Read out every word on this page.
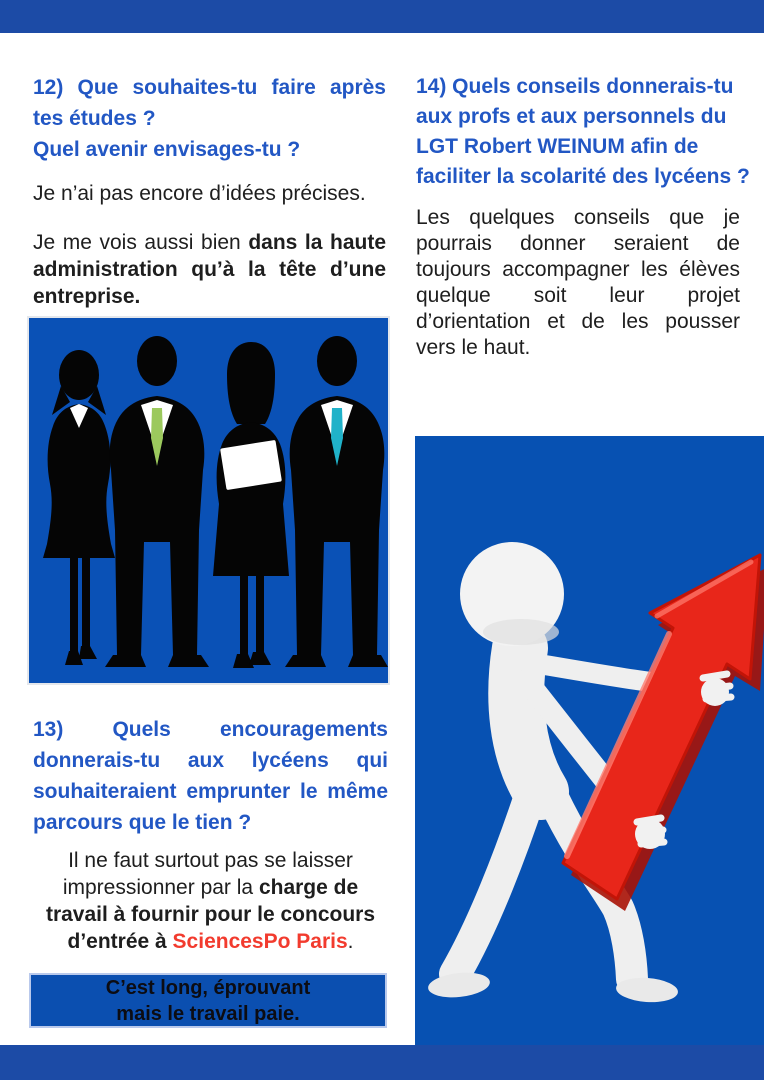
12) Que souhaites-tu faire après
tes études ?
Quel avenir envisages-tu ?

Je n’ai pas encore d’idées précises.

Je me vois aussi bien dans la haute
administration qu’à la tête d’une
entreprise.
13) Quels encouragements
donnerais-tu aux lycéens qui
souhaiteraient emprunter le même
parcours que le tien ?
Il ne faut surtout pas se laisser
impressionner par la charge de
travail à fournir pour le concours
d’entrée à SciencesPo Paris.
C’est long, éprouvant
mais le travail paie.
14) Quels conseils donnerais-tu
aux profs et aux personnels du
LGT Robert WEINUM afin de
faciliter la scolarité des lycéens ?
Les quelques conseils que je
pourrais donner seraient de
toujours accompagner les élèves
quelque soit leur projet
d’orientation et de les pousser
vers le haut.
